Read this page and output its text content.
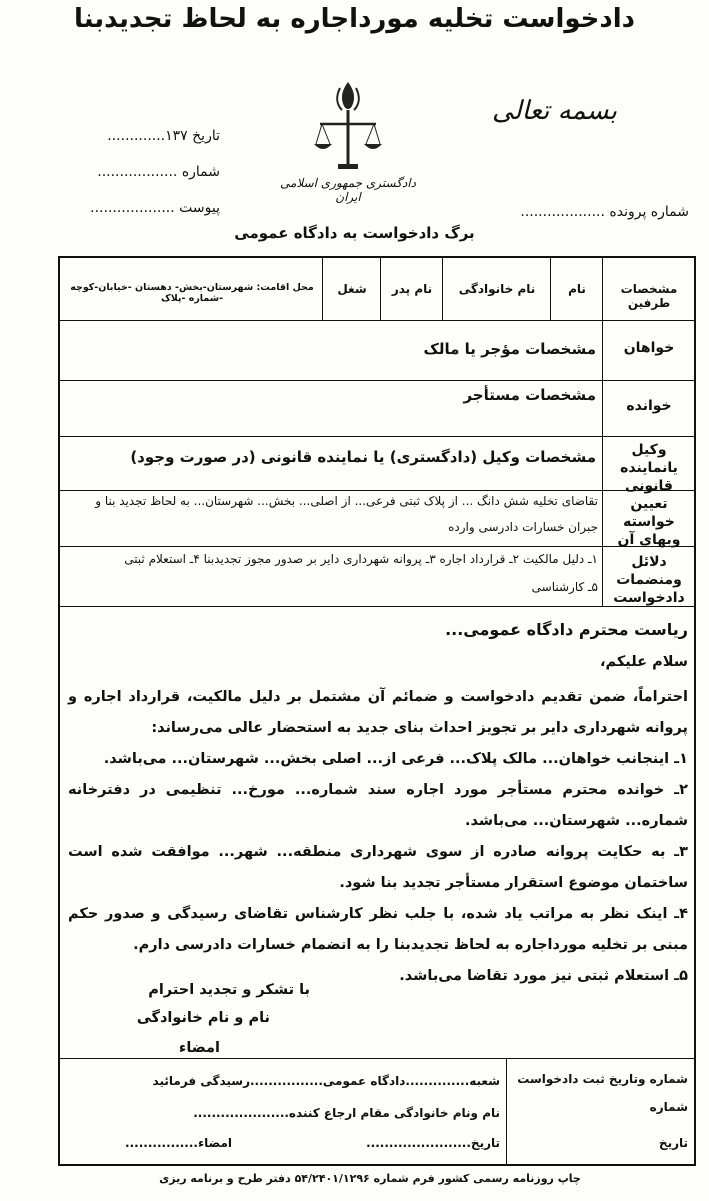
دادخواست تخلیه مورداجاره به لحاظ تجدیدبنا
بسمه تعالی
دادگستری جمهوری اسلامی ایران
تاریخ ۱۳۷.............
شماره ..................
پیوست ...................	شماره پرونده ...................
برگ دادخواست به دادگاه عمومی
مشخصات طرفین
نام
نام خانوادگی
نام پدر
شغل
محل اقامت: شهرستان-بخش- دهستان -خیابان-کوچه -شماره -پلاک
خواهان
مشخصات مؤجر یا مالک
خوانده
مشخصات مستأجر
وکیل یانماینده قانونی
مشخصات وکیل (دادگستری) یا نماینده قانونی (در صورت وجود)
تعیین خواسته وبهای آن
تقاضای تخلیه شش دانگ ... از پلاک ثبتی فرعی... از اصلی... بخش... شهرستان... به لحاظ تجدید بنا و
جبران خسارات دادرسی وارده
دلائل ومنضمات دادخواست
۱ـ دلیل مالکیت ۲ـ قرارداد اجاره ۳ـ پروانه شهرداری دایر بر صدور مجوز تجدیدبنا ۴ـ استعلام ثبتی
۵ـ کارشناسی
شماره وتاریخ ثبت دادخواست
شماره
تاریخ
شعبه..............دادگاه عمومی................رسیدگی فرمائید
نام ونام خانوادگی مقام ارجاع کننده.....................
تاریخ.......................
امضاء................
ریاست محترم دادگاه عمومی...
سلام علیکم،

احتراماً، ضمن تقدیم دادخواست و ضمائم آن مشتمل بر دلیل مالکیت، قرارداد اجاره و پروانه شهرداری دایر بر تجویز احداث بنای جدید به استحضار عالی می‌رساند:

۱ـ اینجانب خواهان... مالک پلاک... فرعی از... اصلی بخش... شهرستان... می‌باشد.

۲ـ خوانده محترم مستأجر مورد اجاره سند شماره... مورخ... تنظیمی در دفترخانه شماره... شهرستان... می‌باشد.

۳ـ به حکایت پروانه صادره از سوی شهرداری منطقه... شهر... موافقت شده است ساختمان موضوع استقرار مستأجر تجدید بنا شود.

۴ـ اینک نظر به مراتب یاد شده، با جلب نظر کارشناس تقاضای رسیدگی و صدور حکم مبنی بر تخلیه مورداجاره به لحاظ تجدیدبنا را به انضمام خسارات دادرسی دارم.

۵ـ استعلام ثبتی نیز مورد تقاضا می‌باشد.

با تشکر و تجدید احترام
نام و نام خانوادگی
امضاء
چاپ روزنامه رسمی کشور فرم شماره ۵۴/۲۴۰۱/۱۲۹۶ دفتر طرح و برنامه ریزی
